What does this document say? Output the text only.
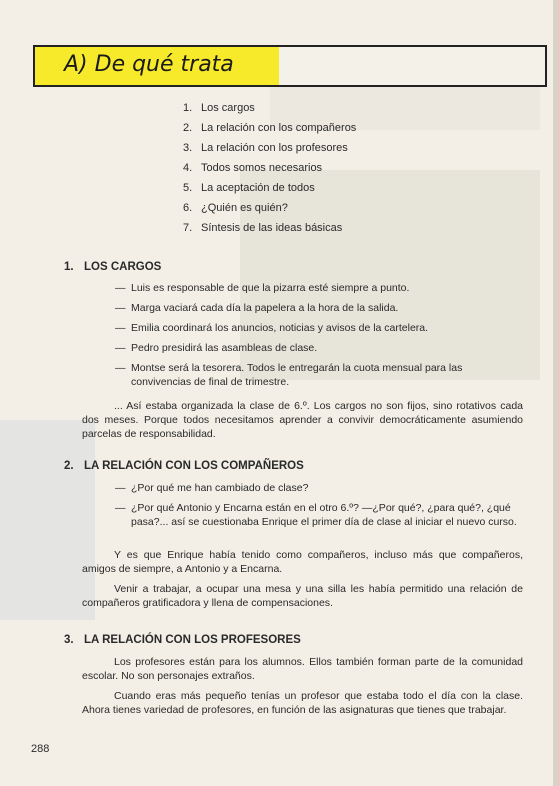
A) De qué trata
1. Los cargos
2. La relación con los compañeros
3. La relación con los profesores
4. Todos somos necesarios
5. La aceptación de todos
6. ¿Quién es quién?
7. Síntesis de las ideas básicas
1. LOS CARGOS
— Luis es responsable de que la pizarra esté siempre a punto.
— Marga vaciará cada día la papelera a la hora de la salida.
— Emilia coordinará los anuncios, noticias y avisos de la cartelera.
— Pedro presidirá las asambleas de clase.
— Montse será la tesorera. Todos le entregarán la cuota mensual para las convivencias de final de trimestre.
... Así estaba organizada la clase de 6.º. Los cargos no son fijos, sino rotativos cada dos meses. Porque todos necesitamos aprender a convivir democráticamente asumiendo parcelas de responsabilidad.
2. LA RELACIÓN CON LOS COMPAÑEROS
— ¿Por qué me han cambiado de clase?
— ¿Por qué Antonio y Encarna están en el otro 6.º? —¿Por qué?, ¿para qué?, ¿qué pasa?... así se cuestionaba Enrique el primer día de clase al iniciar el nuevo curso.
Y es que Enrique había tenido como compañeros, incluso más que compañeros, amigos de siempre, a Antonio y a Encarna.
Venir a trabajar, a ocupar una mesa y una silla les había permitido una relación de compañeros gratificadora y llena de compensaciones.
3. LA RELACIÓN CON LOS PROFESORES
Los profesores están para los alumnos. Ellos también forman parte de la comunidad escolar. No son personajes extraños.
Cuando eras más pequeño tenías un profesor que estaba todo el día con la clase. Ahora tienes variedad de profesores, en función de las asignaturas que tienes que trabajar.
288
